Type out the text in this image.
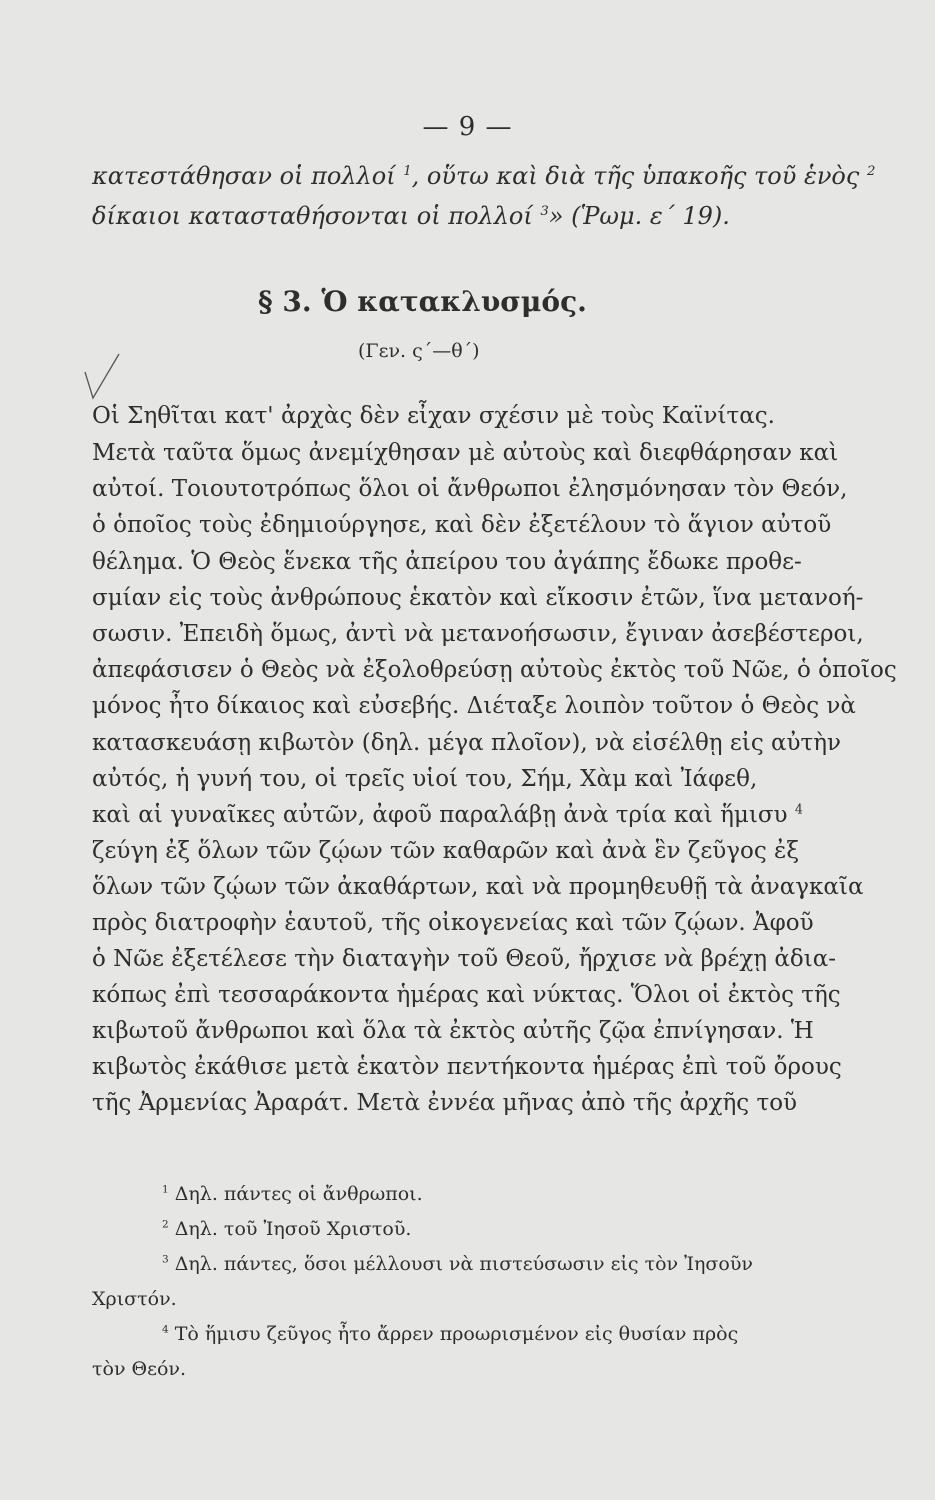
— 9 —
κατεστάθησαν οἱ πολλοί $^1$, οὕτω καὶ διὰ τῆς ὑπακοῆς τοῦ ἑνὸς $^2$
δίκαιοι κατασταθήσονται οἱ πολλοί $^3$» (Ῥωμ. ε΄ 19).
§ 3. Ὁ κατακλυσμός.
(Γεν. ς΄—θ΄)
Οἱ Σηθῖται κατ' ἀρχὰς δὲν εἶχαν σχέσιν μὲ τοὺς Καϊνίτας.
Μετὰ ταῦτα ὅμως ἀνεμίχθησαν μὲ αὐτοὺς καὶ διεφθάρησαν καὶ
αὐτοί. Τοιουτοτρόπως ὅλοι οἱ ἄνθρωποι ἐλησμόνησαν τὸν Θεόν,
ὁ ὁποῖος τοὺς ἐδημιούργησε, καὶ δὲν ἐξετέλουν τὸ ἅγιον αὐτοῦ
θέλημα. Ὁ Θεὸς ἕνεκα τῆς ἀπείρου του ἀγάπης ἔδωκε προθε-
σμίαν εἰς τοὺς ἀνθρώπους ἑκατὸν καὶ εἴκοσιν ἐτῶν, ἵνα μετανοή-
σωσιν. Ἐπειδὴ ὅμως, ἀντὶ νὰ μετανοήσωσιν, ἔγιναν ἀσεβέστεροι,
ἀπεφάσισεν ὁ Θεὸς νὰ ἐξολοθρεύσῃ αὐτοὺς ἐκτὸς τοῦ Νῶε, ὁ ὁποῖος
μόνος ἦτο δίκαιος καὶ εὐσεβής. Διέταξε λοιπὸν τοῦτον ὁ Θεὸς νὰ
κατασκευάσῃ κιβωτὸν (δηλ. μέγα πλοῖον), νὰ εἰσέλθῃ εἰς αὐτὴν
αὐτός, ἡ γυνή του, οἱ τρεῖς υἱοί του, Σήμ, Χὰμ καὶ Ἰάφεθ,
καὶ αἱ γυναῖκες αὐτῶν, ἀφοῦ παραλάβῃ ἀνὰ τρία καὶ ἥμισυ $^4$
ζεύγη ἐξ ὅλων τῶν ζῴων τῶν καθαρῶν καὶ ἀνὰ ἓν ζεῦγος ἐξ
ὅλων τῶν ζῴων τῶν ἀκαθάρτων, καὶ νὰ προμηθευθῇ τὰ ἀναγκαῖα
πρὸς διατροφὴν ἑαυτοῦ, τῆς οἰκογενείας καὶ τῶν ζῴων. Ἀφοῦ
ὁ Νῶε ἐξετέλεσε τὴν διαταγὴν τοῦ Θεοῦ, ἤρχισε νὰ βρέχῃ ἀδια-
κόπως ἐπὶ τεσσαράκοντα ἡμέρας καὶ νύκτας. Ὅλοι οἱ ἐκτὸς τῆς
κιβωτοῦ ἄνθρωποι καὶ ὅλα τὰ ἐκτὸς αὐτῆς ζῷα ἐπνίγησαν. Ἡ
κιβωτὸς ἐκάθισε μετὰ ἑκατὸν πεντήκοντα ἡμέρας ἐπὶ τοῦ ὄρους
τῆς Ἀρμενίας Ἀραράτ. Μετὰ ἐννέα μῆνας ἀπὸ τῆς ἀρχῆς τοῦ
$^1$ Δηλ. πάντες οἱ ἄνθρωποι.
$^2$ Δηλ. τοῦ Ἰησοῦ Χριστοῦ.
$^3$ Δηλ. πάντες, ὅσοι μέλλουσι νὰ πιστεύσωσιν εἰς τὸν Ἰησοῦν
Χριστόν.
$^4$ Τὸ ἥμισυ ζεῦγος ἦτο ἄρρεν προωρισμένον εἰς θυσίαν πρὸς
τὸν Θεόν.
